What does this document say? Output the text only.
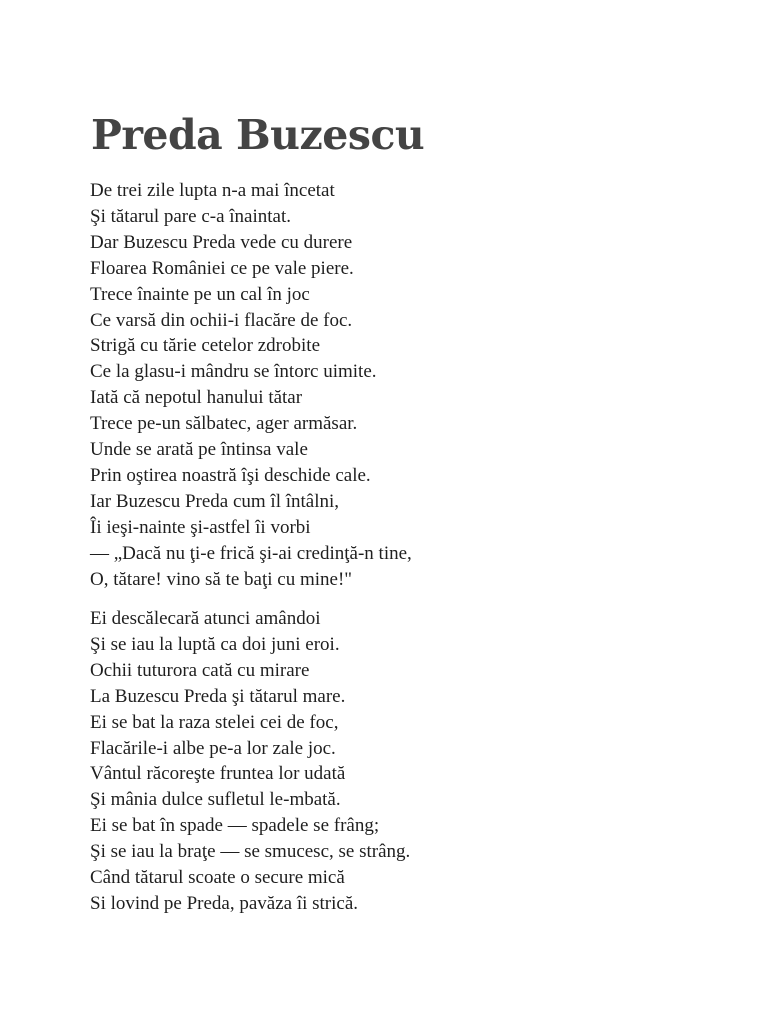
Preda Buzescu
De trei zile lupta n-a mai încetat
Şi tătarul pare c-a înaintat.
Dar Buzescu Preda vede cu durere
Floarea României ce pe vale piere.
Trece înainte pe un cal în joc
Ce varsă din ochii-i flacăre de foc.
Strigă cu tărie cetelor zdrobite
Ce la glasu-i mândru se întorc uimite.
Iată că nepotul hanului tătar
Trece pe-un sălbatec, ager armăsar.
Unde se arată pe întinsa vale
Prin oştirea noastră îşi deschide cale.
Iar Buzescu Preda cum îl întâlni,
Îi ieşi-nainte şi-astfel îi vorbi
— „Dacă nu ţi-e frică şi-ai credinţă-n tine,
O, tătare! vino să te baţi cu mine!"
Ei descălecară atunci amândoi
Şi se iau la luptă ca doi juni eroi.
Ochii tuturora cată cu mirare
La Buzescu Preda şi tătarul mare.
Ei se bat la raza stelei cei de foc,
Flacările-i albe pe-a lor zale joc.
Vântul răcoreşte fruntea lor udată
Şi mânia dulce sufletul le-mbată.
Ei se bat în spade — spadele se frâng;
Şi se iau la braţe — se smucesc, se strâng.
Când tătarul scoate o secure mică
Si lovind pe Preda, pavăza îi strică.
